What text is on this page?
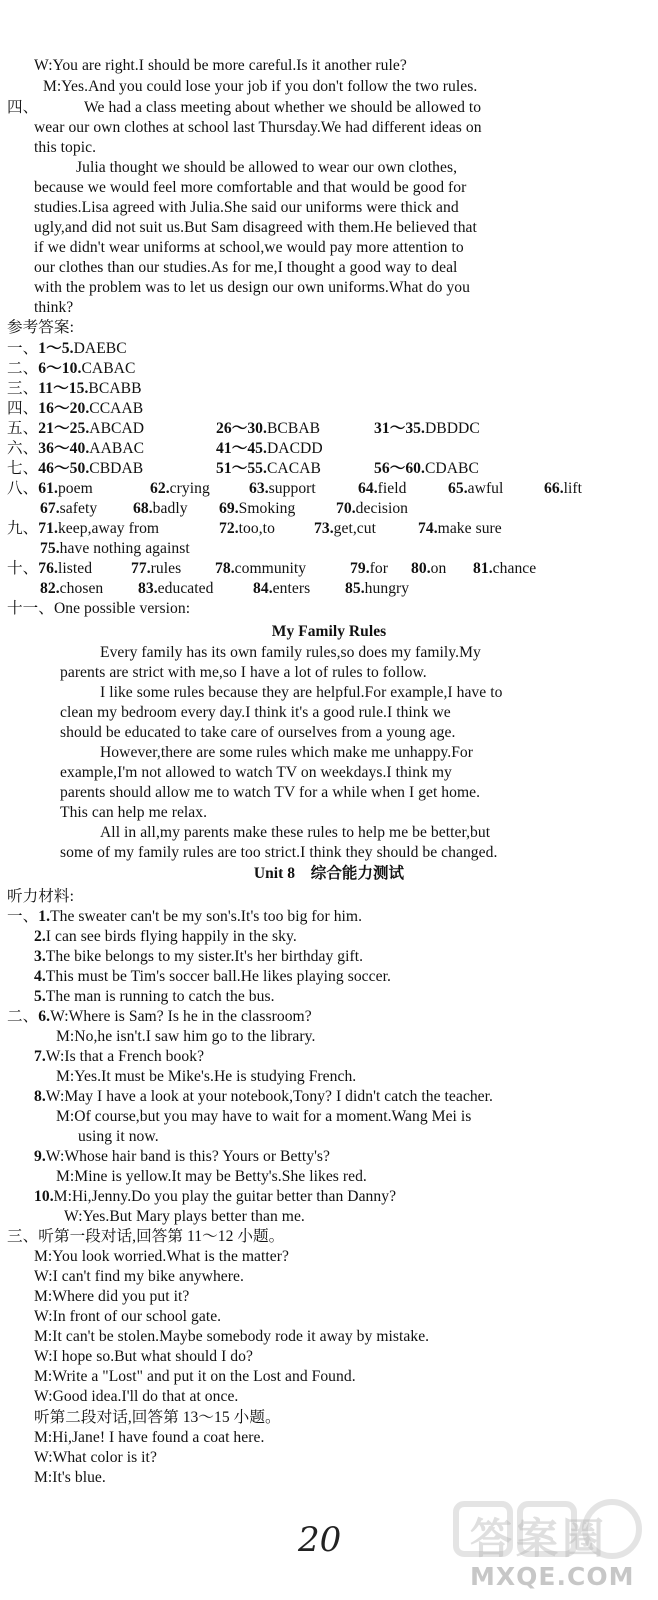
W:You are right.I should be more careful.Is it another rule?
M:Yes.And you could lose your job if you don't follow the two rules.
四、	We had a class meeting about whether we should be allowed to
wear our own clothes at school last Thursday.We had different ideas on
this topic.
Julia thought we should be allowed to wear our own clothes,
because we would feel more comfortable and that would be good for
studies.Lisa agreed with Julia.She said our uniforms were thick and
ugly,and did not suit us.But Sam disagreed with them.He believed that
if we didn't wear uniforms at school,we would pay more attention to
our clothes than our studies.As for me,I thought a good way to deal
with the problem was to let us design our own uniforms.What do you
think?
参考答案:
一、1～5.DAEBC
二、6～10.CABAC
三、11～15.BCABB
四、16～20.CCAAB
五、21～25.ABCAD	26～30.BCBAB	31～35.DBDDC
六、36～40.AABAC	41～45.DACDD
七、46～50.CBDAB	51～55.CACAB	56～60.CDABC
八、61.poem	62.crying	63.support	64.field	65.awful	66.lift
67.safety 68.badly 69.Smoking	70.decision
九、71.keep,away from	72.too,to	73.get,cut	74.make sure
75.have nothing against
十、76.listed 77.rules 78.community	79.for 80.on 81.chance
82.chosen 83.educated	84.enters 85.hungry
十一、One possible version:
My Family Rules
Every family has its own family rules,so does my family.My
parents are strict with me,so I have a lot of rules to follow.
I like some rules because they are helpful.For example,I have to
clean my bedroom every day.I think it's a good rule.I think we
should be educated to take care of ourselves from a young age.
However,there are some rules which make me unhappy.For
example,I'm not allowed to watch TV on weekdays.I think my
parents should allow me to watch TV for a while when I get home.
This can help me relax.
All in all,my parents make these rules to help me be better,but
some of my family rules are too strict.I think they should be changed.
Unit 8    综合能力测试
听力材料:
一、1.The sweater can't be my son's.It's too big for him.
2.I can see birds flying happily in the sky.
3.The bike belongs to my sister.It's her birthday gift.
4.This must be Tim's soccer ball.He likes playing soccer.
5.The man is running to catch the bus.
二、6.W:Where is Sam? Is he in the classroom?
M:No,he isn't.I saw him go to the library.
7.W:Is that a French book?
M:Yes.It must be Mike's.He is studying French.
8.W:May I have a look at your notebook,Tony? I didn't catch the teacher.
M:Of course,but you may have to wait for a moment.Wang Mei is
using it now.
9.W:Whose hair band is this? Yours or Betty's?
M:Mine is yellow.It may be Betty's.She likes red.
10.M:Hi,Jenny.Do you play the guitar better than Danny?
W:Yes.But Mary plays better than me.
三、听第一段对话,回答第 11～12 小题。
M:You look worried.What is the matter?
W:I can't find my bike anywhere.
M:Where did you put it?
W:In front of our school gate.
M:It can't be stolen.Maybe somebody rode it away by mistake.
W:I hope so.But what should I do?
M:Write a "Lost" and put it on the Lost and Found.
W:Good idea.I'll do that at once.
听第二段对话,回答第 13～15 小题。
M:Hi,Jane! I have found a coat here.
W:What color is it?
M:It's blue.
20	答案圈
MXQE.COM
